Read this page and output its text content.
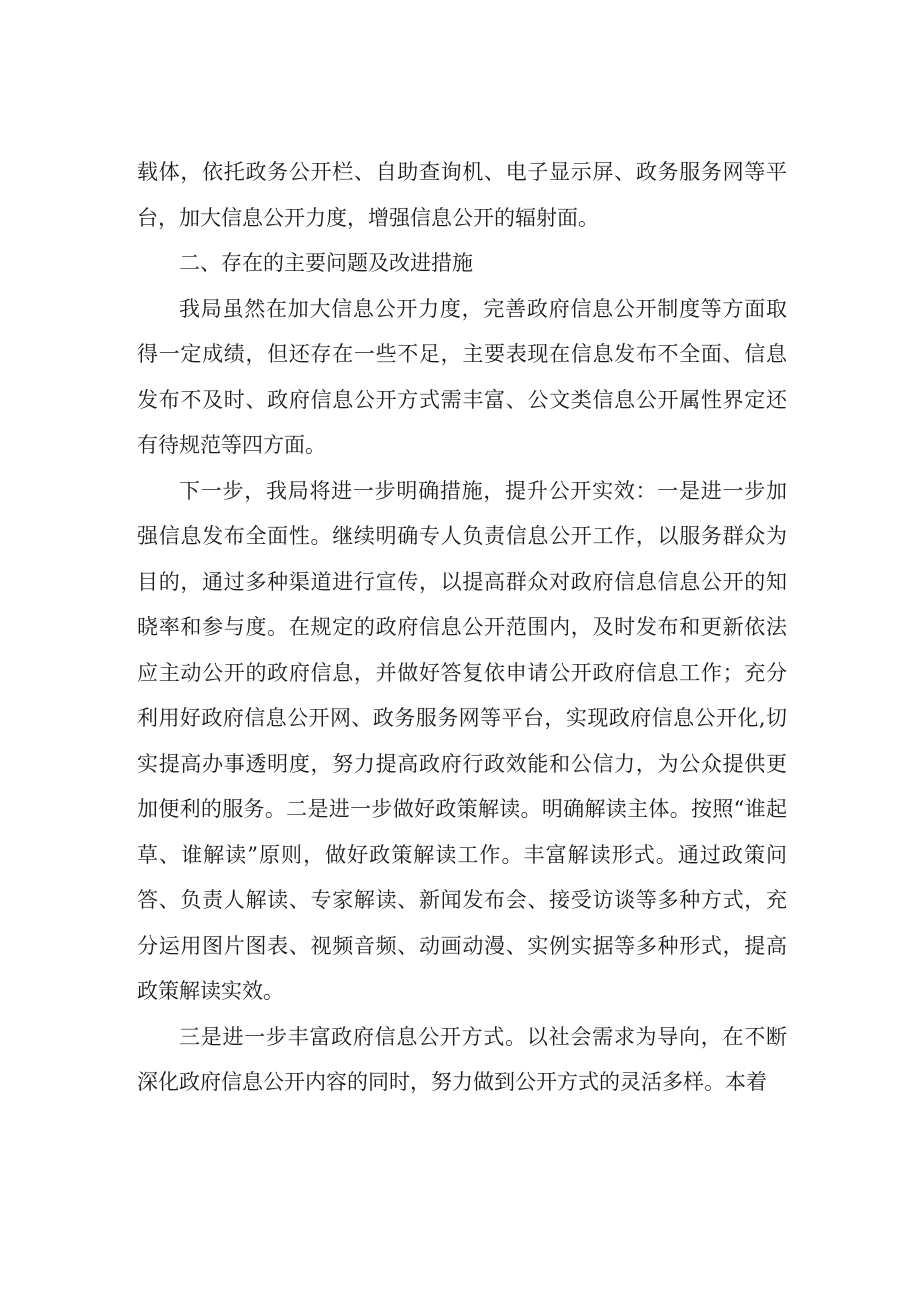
载体，依托政务公开栏、自助查询机、电子显示屏、政务服务网等平台，加大信息公开力度，增强信息公开的辐射面。

二、存在的主要问题及改进措施

我局虽然在加大信息公开力度，完善政府信息公开制度等方面取得一定成绩，但还存在一些不足，主要表现在信息发布不全面、信息发布不及时、政府信息公开方式需丰富、公文类信息公开属性界定还有待规范等四方面。

下一步，我局将进一步明确措施，提升公开实效：一是进一步加强信息发布全面性。继续明确专人负责信息公开工作，以服务群众为目的，通过多种渠道进行宣传，以提高群众对政府信息信息公开的知晓率和参与度。在规定的政府信息公开范围内，及时发布和更新依法应主动公开的政府信息，并做好答复依申请公开政府信息工作；充分利用好政府信息公开网、政务服务网等平台，实现政府信息公开化,切实提高办事透明度，努力提高政府行政效能和公信力，为公众提供更加便利的服务。二是进一步做好政策解读。明确解读主体。按照“谁起草、谁解读”原则，做好政策解读工作。丰富解读形式。通过政策问答、负责人解读、专家解读、新闻发布会、接受访谈等多种方式，充分运用图片图表、视频音频、动画动漫、实例实据等多种形式，提高政策解读实效。

三是进一步丰富政府信息公开方式。以社会需求为导向，在不断深化政府信息公开内容的同时，努力做到公开方式的灵活多样。本着
